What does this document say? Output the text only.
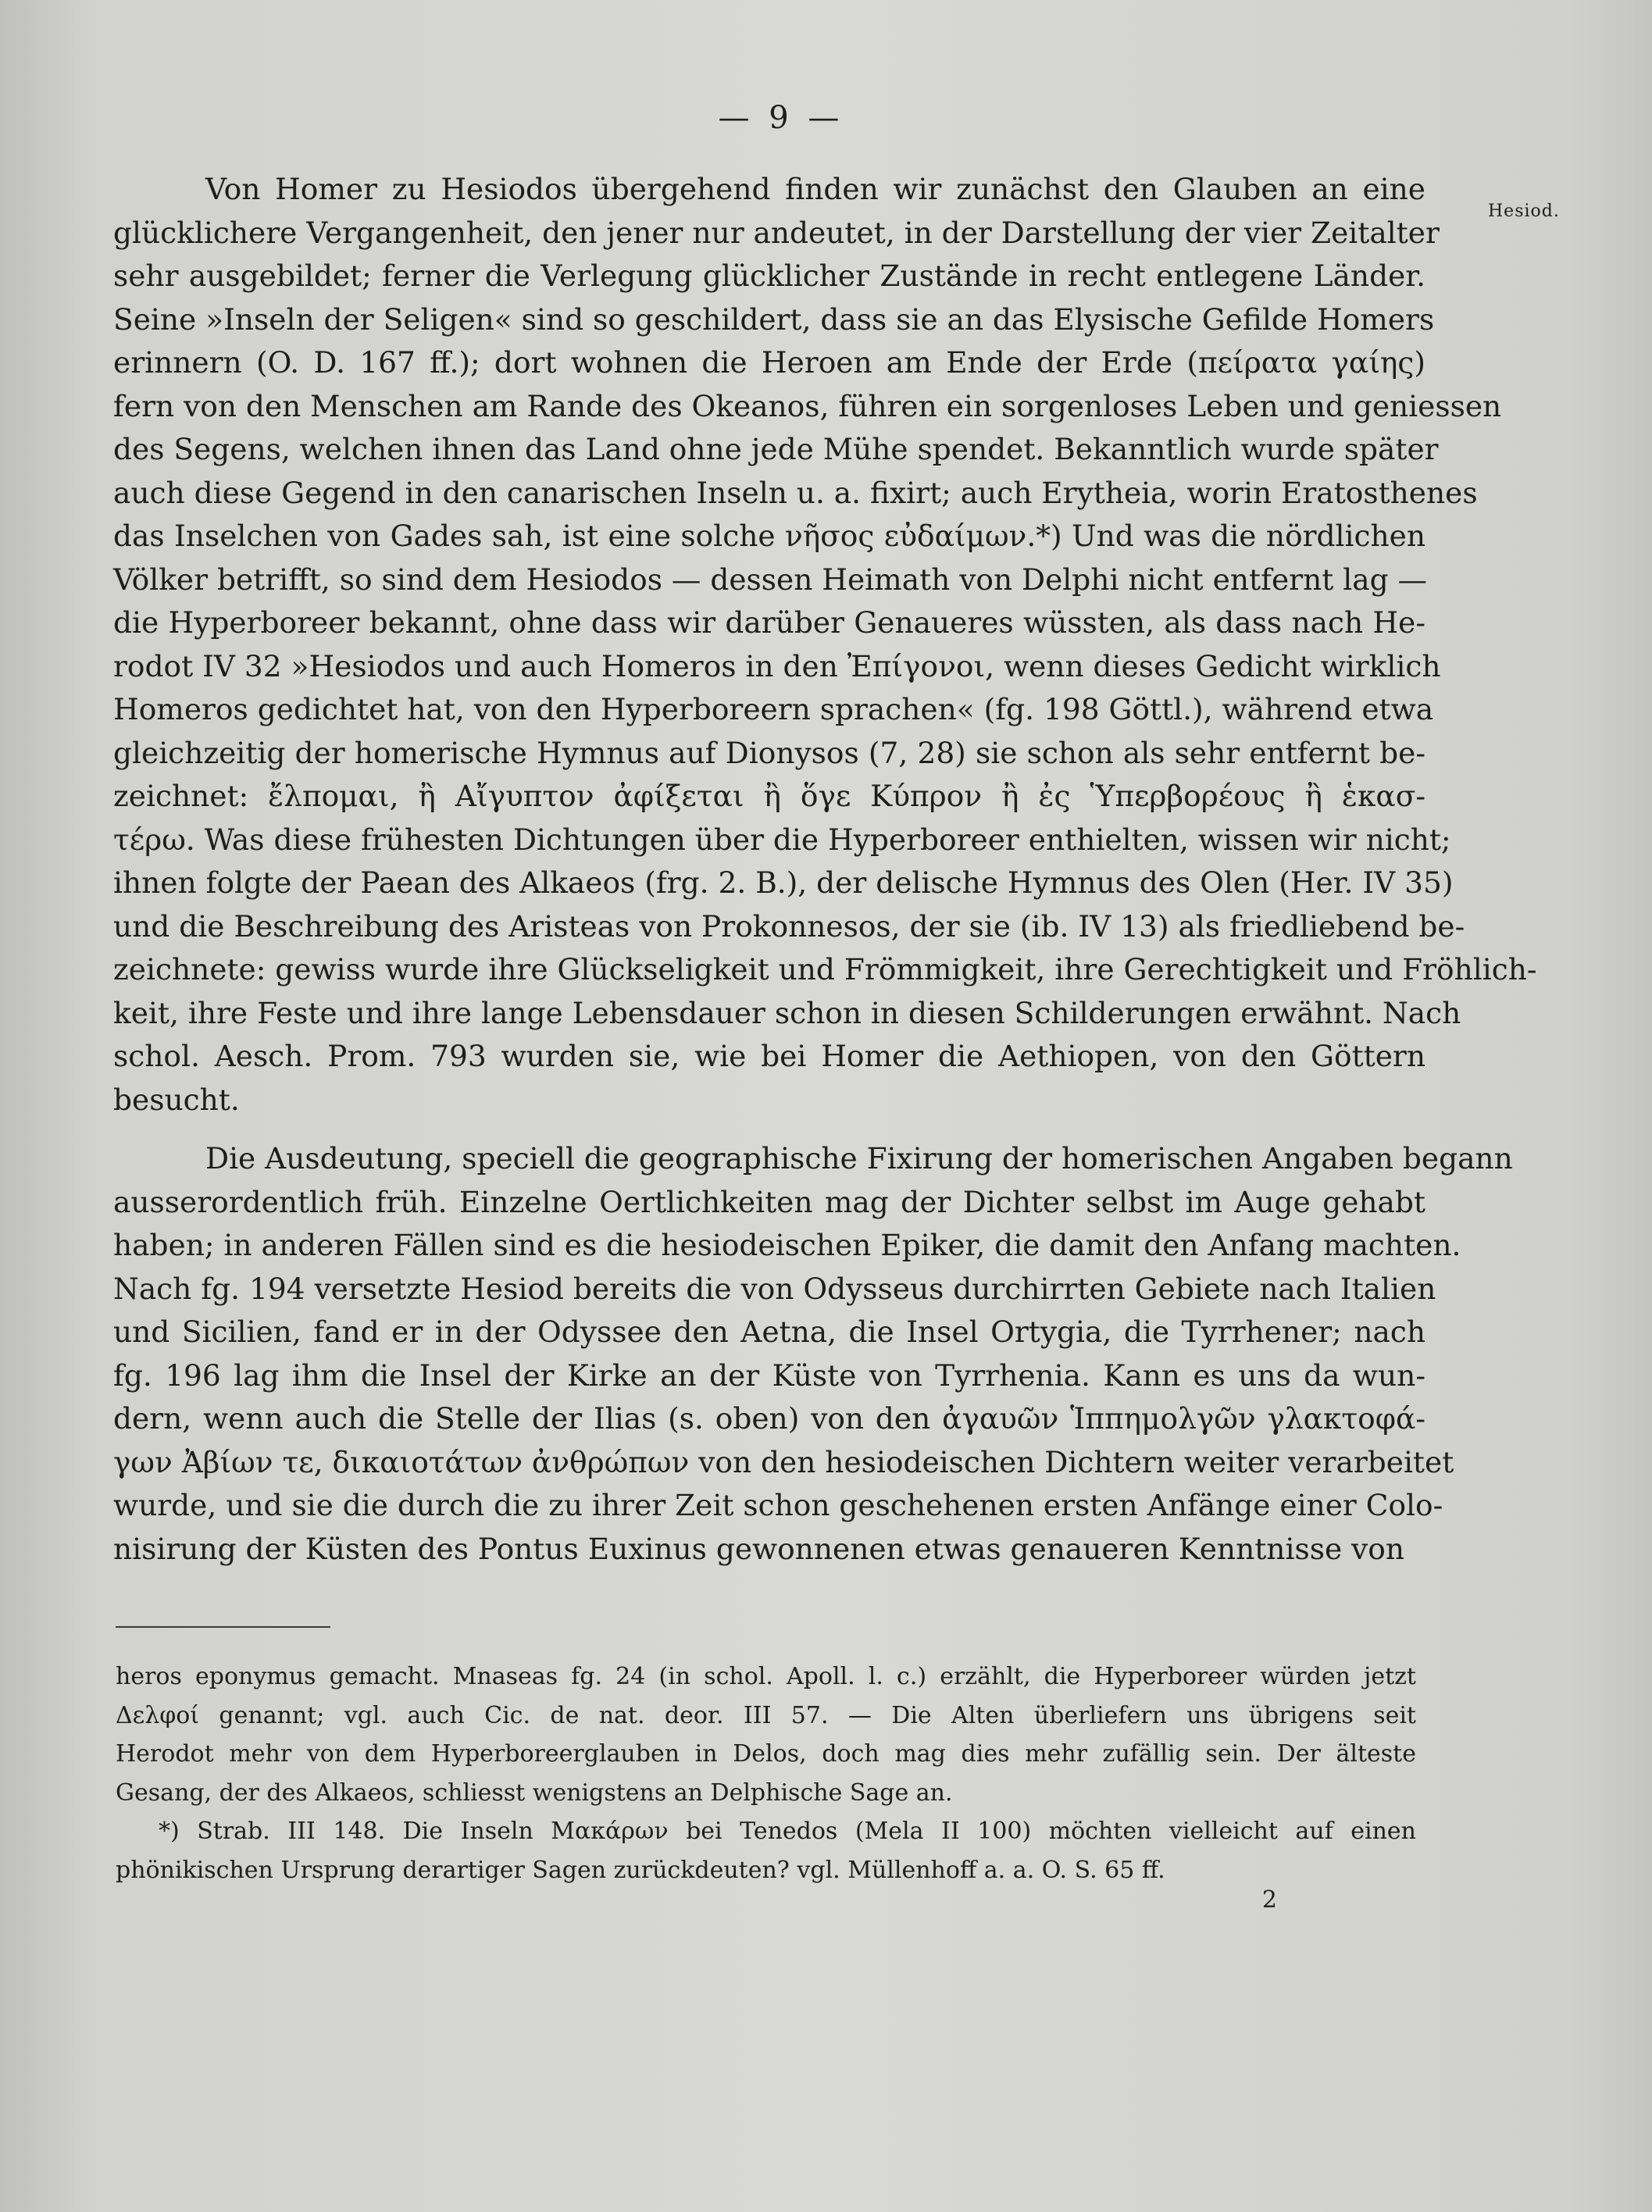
— 9 —
Hesiod.
Von Homer zu Hesiodos übergehend finden wir zunächst den Glauben an eine
glücklichere Vergangenheit, den jener nur andeutet, in der Darstellung der vier Zeitalter
sehr ausgebildet; ferner die Verlegung glücklicher Zustände in recht entlegene Länder.
Seine »Inseln der Seligen« sind so geschildert, dass sie an das Elysische Gefilde Homers
erinnern (O. D. 167 ff.); dort wohnen die Heroen am Ende der Erde (πείρατα γαίης)
fern von den Menschen am Rande des Okeanos, führen ein sorgenloses Leben und geniessen
des Segens, welchen ihnen das Land ohne jede Mühe spendet. Bekanntlich wurde später
auch diese Gegend in den canarischen Inseln u. a. fixirt; auch Erytheia, worin Eratosthenes
das Inselchen von Gades sah, ist eine solche νῆσος εὐδαίμων.*) Und was die nördlichen
Völker betrifft, so sind dem Hesiodos — dessen Heimath von Delphi nicht entfernt lag —
die Hyperboreer bekannt, ohne dass wir darüber Genaueres wüssten, als dass nach He-
rodot IV 32 »Hesiodos und auch Homeros in den Ἐπίγονοι, wenn dieses Gedicht wirklich
Homeros gedichtet hat, von den Hyperboreern sprachen« (fg. 198 Göttl.), während etwa
gleichzeitig der homerische Hymnus auf Dionysos (7, 28) sie schon als sehr entfernt be-
zeichnet: ἔλπομαι, ἢ Αἴγυπτον ἀφίξεται ἢ ὅγε Κύπρον ἢ ἐς Ὑπερβορέους ἢ ἑκασ-
τέρω. Was diese frühesten Dichtungen über die Hyperboreer enthielten, wissen wir nicht;
ihnen folgte der Paean des Alkaeos (frg. 2. B.), der delische Hymnus des Olen (Her. IV 35)
und die Beschreibung des Aristeas von Prokonnesos, der sie (ib. IV 13) als friedliebend be-
zeichnete: gewiss wurde ihre Glückseligkeit und Frömmigkeit, ihre Gerechtigkeit und Fröhlich-
keit, ihre Feste und ihre lange Lebensdauer schon in diesen Schilderungen erwähnt. Nach
schol. Aesch. Prom. 793 wurden sie, wie bei Homer die Aethiopen, von den Göttern
besucht.
Die Ausdeutung, speciell die geographische Fixirung der homerischen Angaben begann
ausserordentlich früh. Einzelne Oertlichkeiten mag der Dichter selbst im Auge gehabt
haben; in anderen Fällen sind es die hesiodeischen Epiker, die damit den Anfang machten.
Nach fg. 194 versetzte Hesiod bereits die von Odysseus durchirrten Gebiete nach Italien
und Sicilien, fand er in der Odyssee den Aetna, die Insel Ortygia, die Tyrrhener; nach
fg. 196 lag ihm die Insel der Kirke an der Küste von Tyrrhenia. Kann es uns da wun-
dern, wenn auch die Stelle der Ilias (s. oben) von den ἀγαυῶν Ἱππημολγῶν γλακτοφά-
γων Ἀβίων τε, δικαιοτάτων ἀνθρώπων von den hesiodeischen Dichtern weiter verarbeitet
wurde, und sie die durch die zu ihrer Zeit schon geschehenen ersten Anfänge einer Colo-
nisirung der Küsten des Pontus Euxinus gewonnenen etwas genaueren Kenntnisse von
heros eponymus gemacht. Mnaseas fg. 24 (in schol. Apoll. l. c.) erzählt, die Hyperboreer würden jetzt
Δελφοί genannt; vgl. auch Cic. de nat. deor. III 57. — Die Alten überliefern uns übrigens seit
Herodot mehr von dem Hyperboreerglauben in Delos, doch mag dies mehr zufällig sein. Der älteste
Gesang, der des Alkaeos, schliesst wenigstens an Delphische Sage an.
*) Strab. III 148. Die Inseln Μακάρων bei Tenedos (Mela II 100) möchten vielleicht auf einen
phönikischen Ursprung derartiger Sagen zurückdeuten? vgl. Müllenhoff a. a. O. S. 65 ff.
2
